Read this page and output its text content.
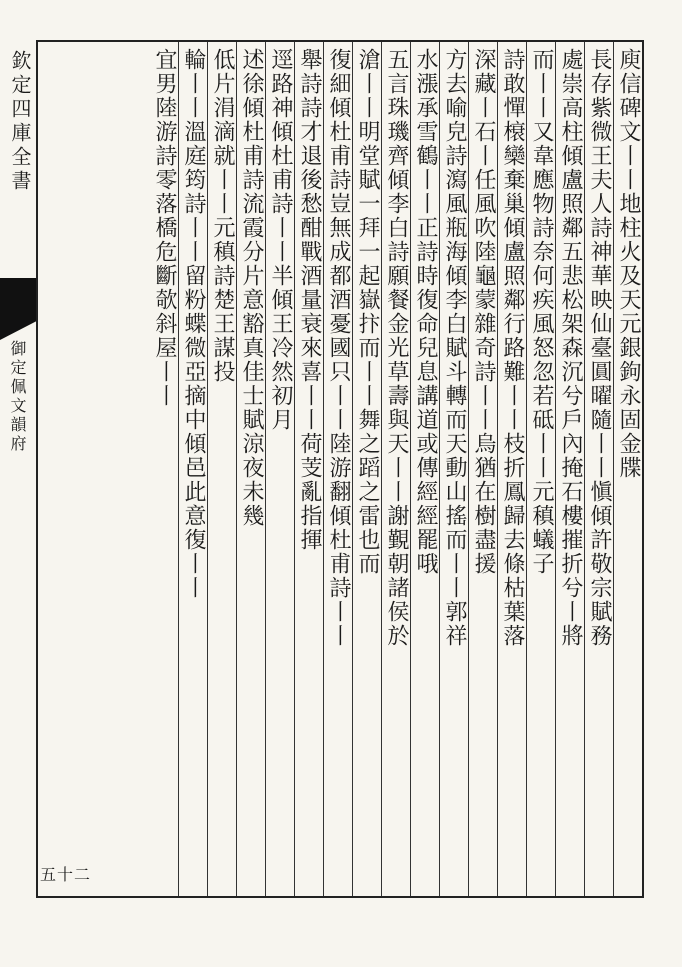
欽定四庫全書
御定佩文韻府	庾信碑文丨丨地柱火及天元銀鉤永固金牒
長存紫微王夫人詩神華映仙臺圓曜隨丨丨愼傾許敬宗賦務
處崇高柱傾盧照鄰五悲松架森沉兮戶內掩石樓摧折兮丨將
而丨丨又韋應物詩奈何疾風怒忽若砥丨丨元稹蟻子
詩敢憚榱欒棄巢傾盧照鄰行路難丨丨枝折鳳歸去條枯葉落
深藏丨石丨任風吹陸龜蒙雜奇詩丨丨烏猶在樹盡援
方去喻皃詩瀉風瓶海傾李白賦斗轉而天動山搖而丨丨郭祥
水漲承雪鶴丨丨正詩時復命兒息講道或傳經經罷哦
五言珠璣齊傾李白詩願餐金光草壽與天丨丨謝覲朝諸侯於
滄丨丨明堂賦一拜一起嶽抃而丨丨舞之蹈之雷也而
復細傾杜甫詩豈無成都酒憂國只丨丨陸游翻傾杜甫詩丨丨
舉詩詩才退後愁酣戰酒量衰來喜丨丨荷芰亂指揮
逕路神傾杜甫詩丨丨半傾王冷然初月
述徐傾杜甫詩流霞分片意豁真佳士賦涼夜未幾
低片涓滴就丨丨元稹詩楚王謀投
輪丨丨溫庭筠詩丨丨留粉蝶微亞摘中傾邑此意復丨丨
宜男陸游詩零落橋危斷欹斜屋丨丨
五十二
